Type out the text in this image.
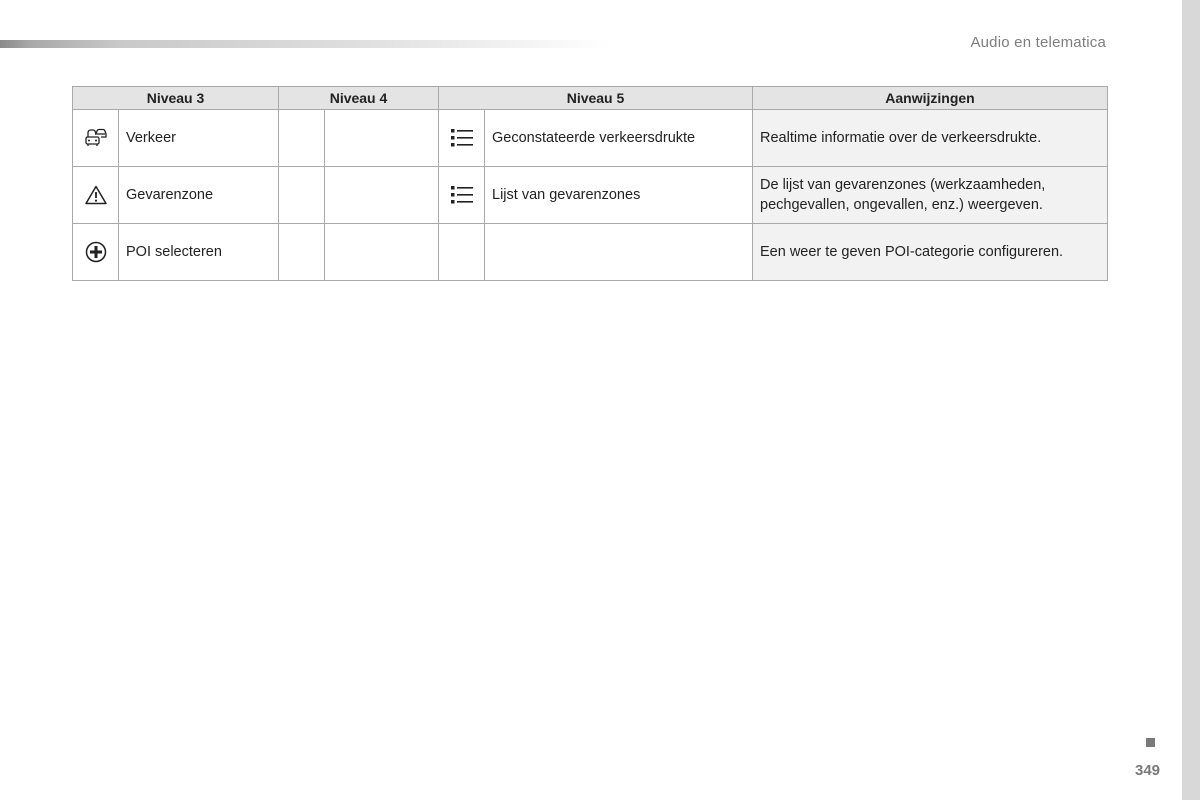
Audio en telematica
Niveau 3		Niveau 4		Niveau 5		Aanwijzingen
	Verkeer				Geconstateerde verkeersdrukte	Realtime informatie over de verkeersdrukte.
	Gevarenzone				Lijst van gevarenzones	De lijst van gevarenzones (werkzaamheden, pechgevallen, ongevallen, enz.) weergeven.
	POI selecteren					Een weer te geven POI-categorie configureren.
349
